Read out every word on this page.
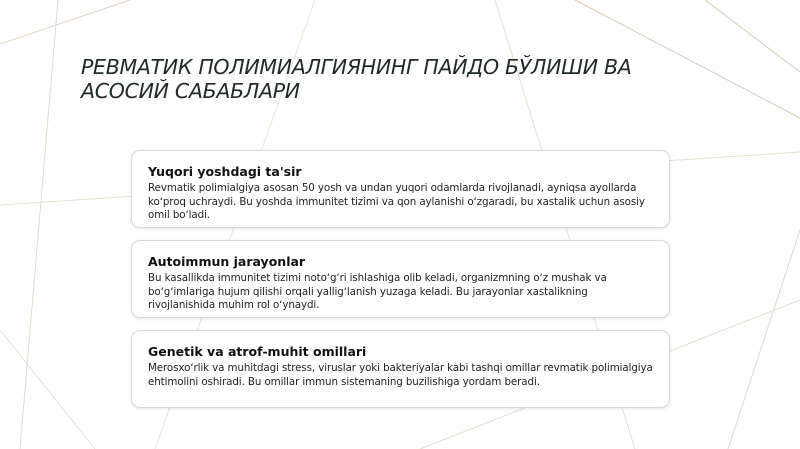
РЕВМАТИК ПОЛИМИАЛГИЯНИНГ ПАЙДО БЎЛИШИ ВА АСОСИЙ САБАБЛАРИ
Yuqori yoshdagi ta'sir

Revmatik polimialgiya asosan 50 yosh va undan yuqori odamlarda rivojlanadi, ayniqsa ayollarda koʻproq uchraydi. Bu yoshda immunitet tizimi va qon aylanishi oʻzgaradi, bu xastalik uchun asosiy omil boʻladi.

Autoimmun jarayonlar

Bu kasallikda immunitet tizimi notoʻgʻri ishlashiga olib keladi, organizmning oʻz mushak va boʻgʻimlariga hujum qilishi orqali yalligʻlanish yuzaga keladi. Bu jarayonlar xastalikning rivojlanishida muhim rol oʻynaydi.

Genetik va atrof-muhit omillari

Merosxoʻrlik va muhitdagi stress, viruslar yoki bakteriyalar kabi tashqi omillar revmatik polimialgiya ehtimolini oshiradi. Bu omillar immun sistemaning buzilishiga yordam beradi.
